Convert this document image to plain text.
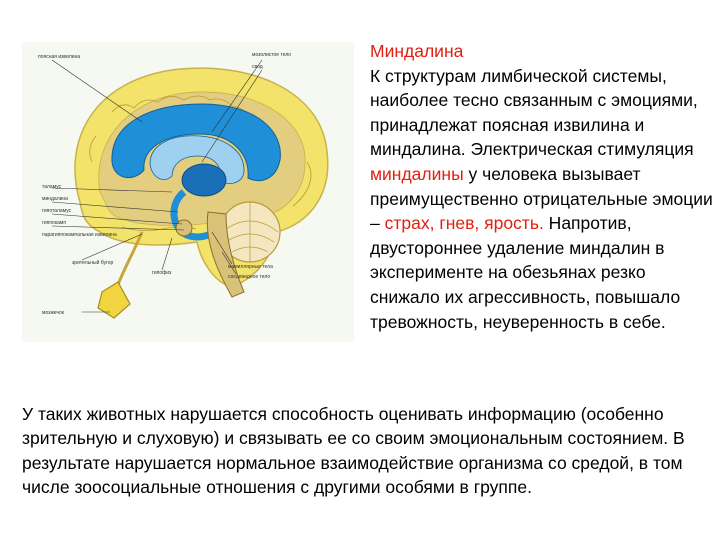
поясная извилина	мозолистое тело
свод
таламус
миндалина
гипоталамус
гиппокамп
парагиппокампальная извилина
зрительный бугор
гипофиз
мамиллярные тела
сосцевидное тело
мозжечок

Миндалина

К структурам лимбической системы, наиболее тесно связанным с эмоциями, принадлежат поясная извилина и миндалина. Электрическая стимуляция миндалины у человека вызывает преимущественно отрицательные эмоции – страх, гнев, ярость. Напротив, двустороннее удаление миндалин в эксперименте на обезьянах резко снижало их агрессивность, повышало тревожность, неуверенность в себе.

У таких животных нарушается способность оценивать информацию (особенно зрительную и слуховую) и связывать ее со своим эмоциональным состоянием. В результате нарушается нормальное взаимодействие организма со средой, в том числе зоосоциальные отношения с другими особями в группе.
